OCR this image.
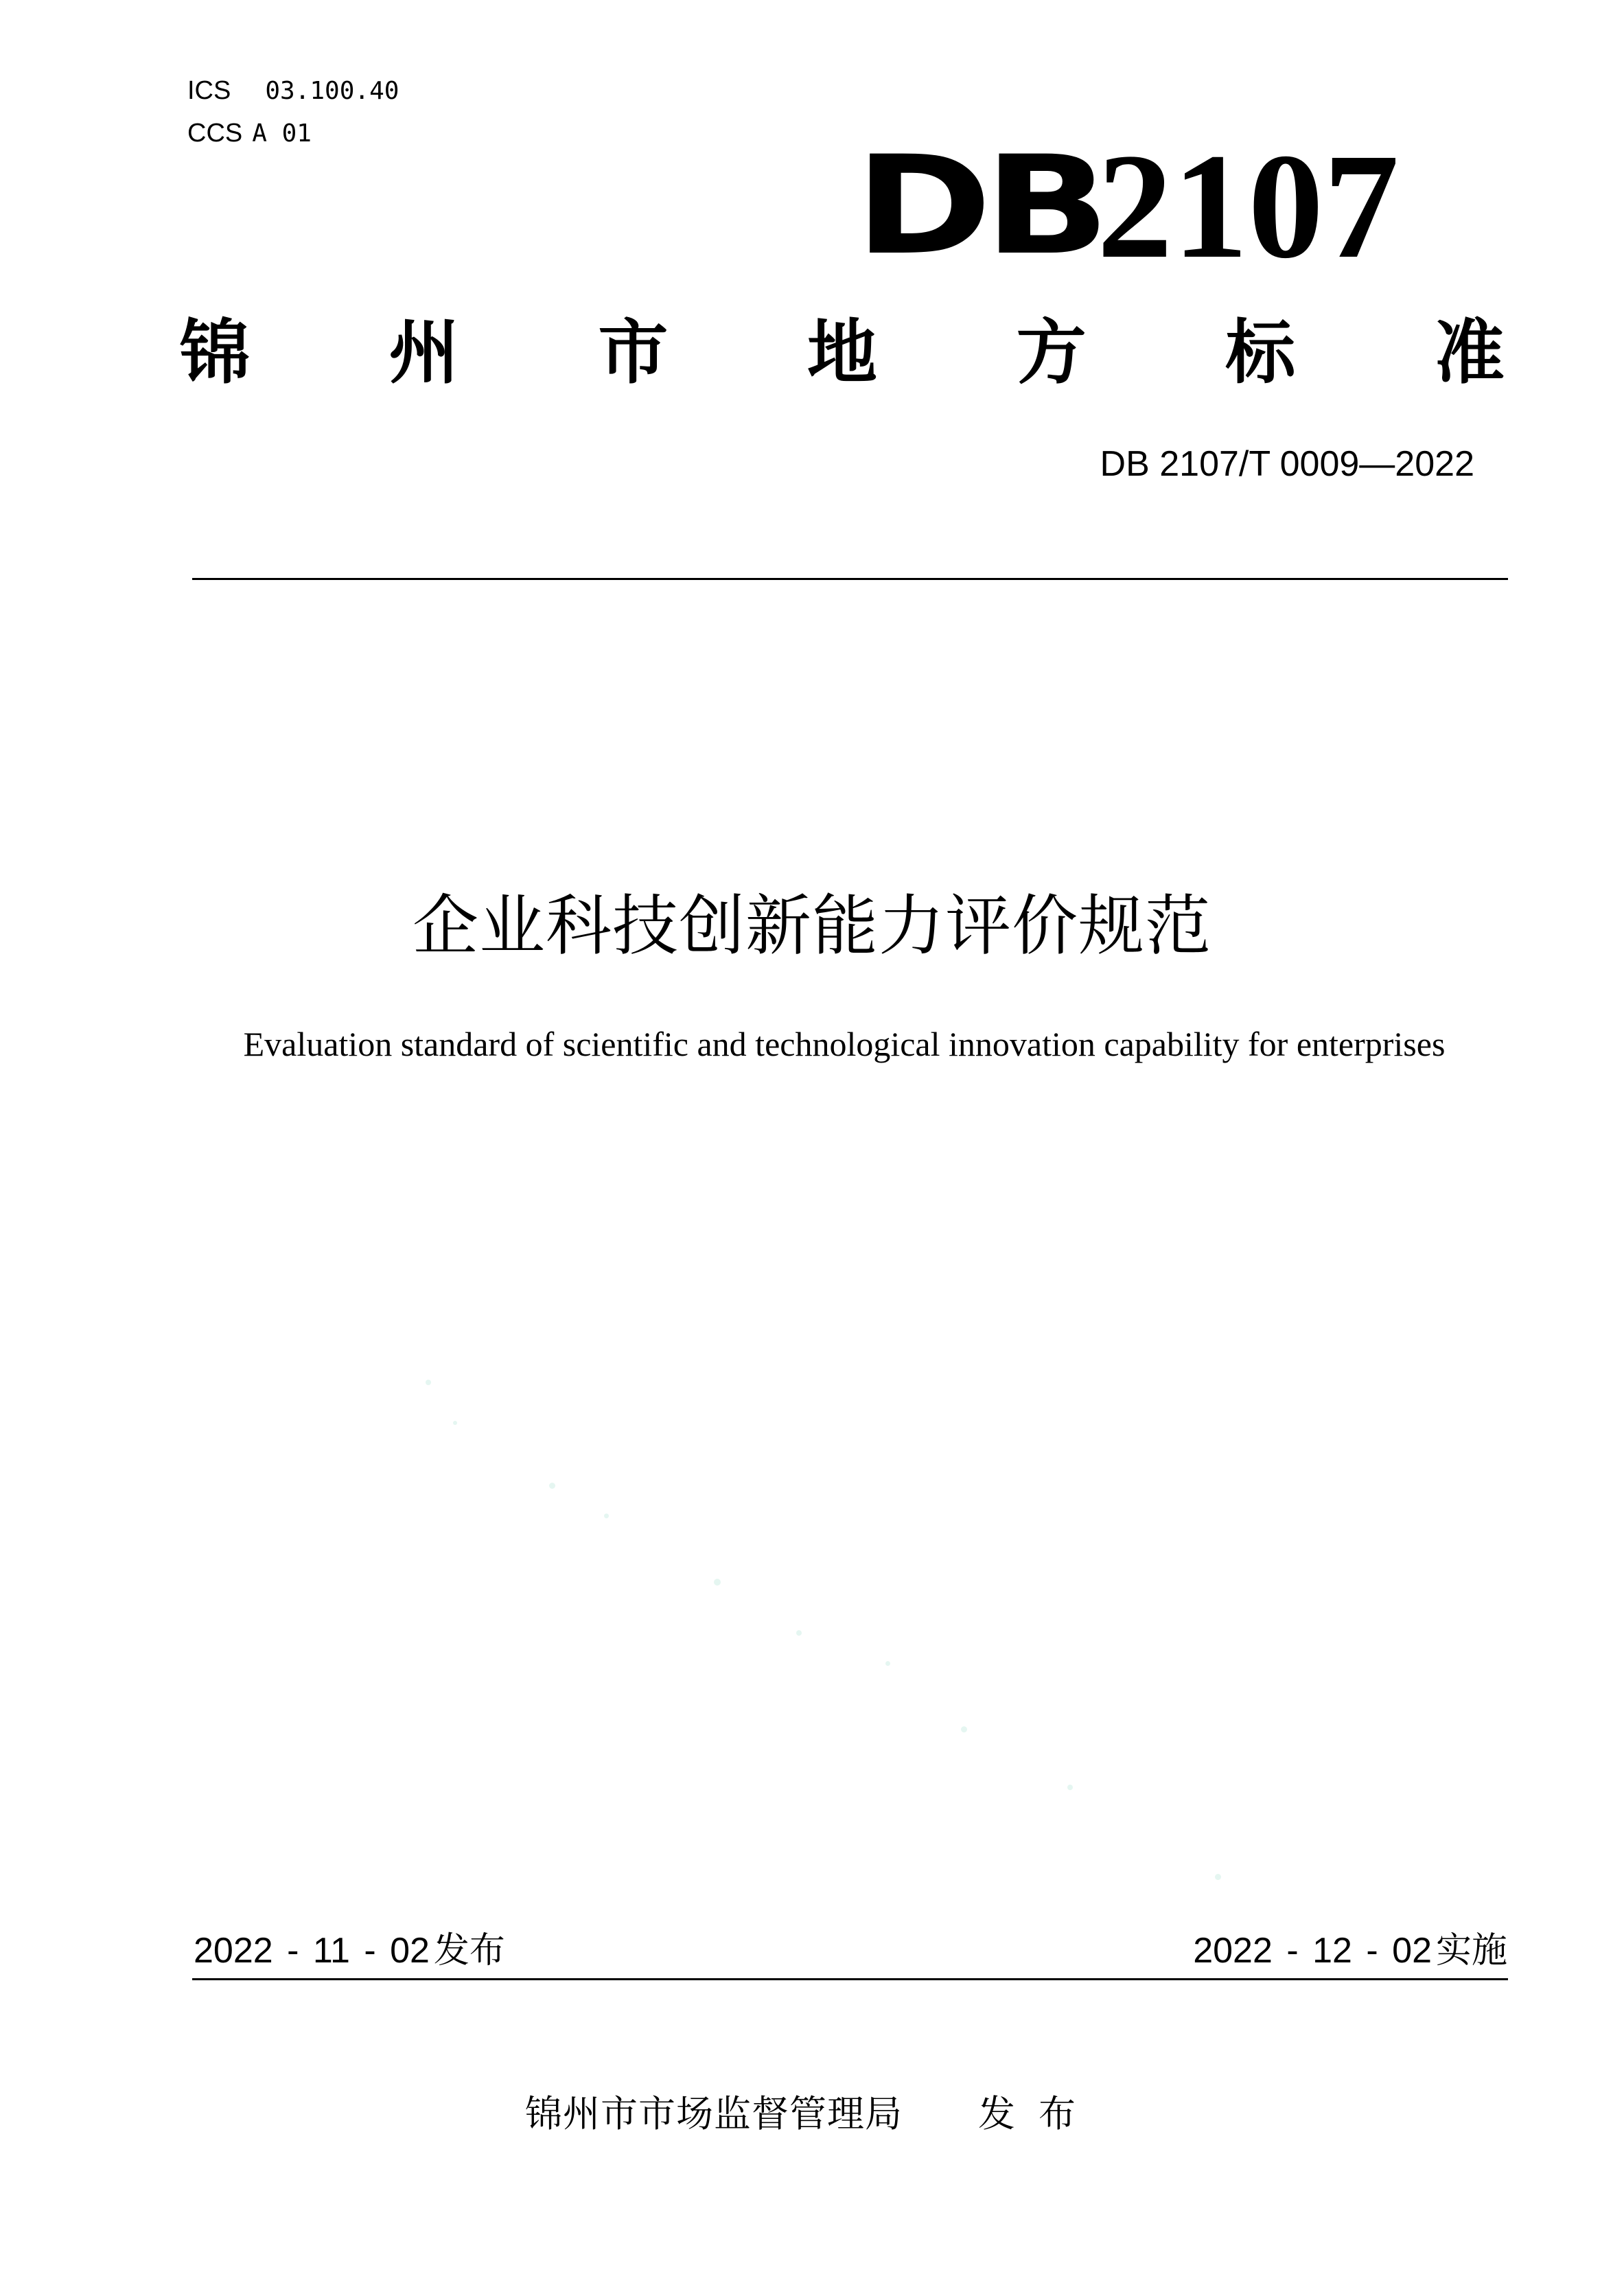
ICS 03.100.40
CCS A 01	DB
2107
锦 州 市 地 方 标 准
DB 2107/T 0009—2022
企业科技创新能力评价规范
Evaluation standard of scientific and technological innovation capability for enterprises
2022 - 11 - 02 发布	2022 - 12 - 02 实施
锦州市市场监督管理局 发布
